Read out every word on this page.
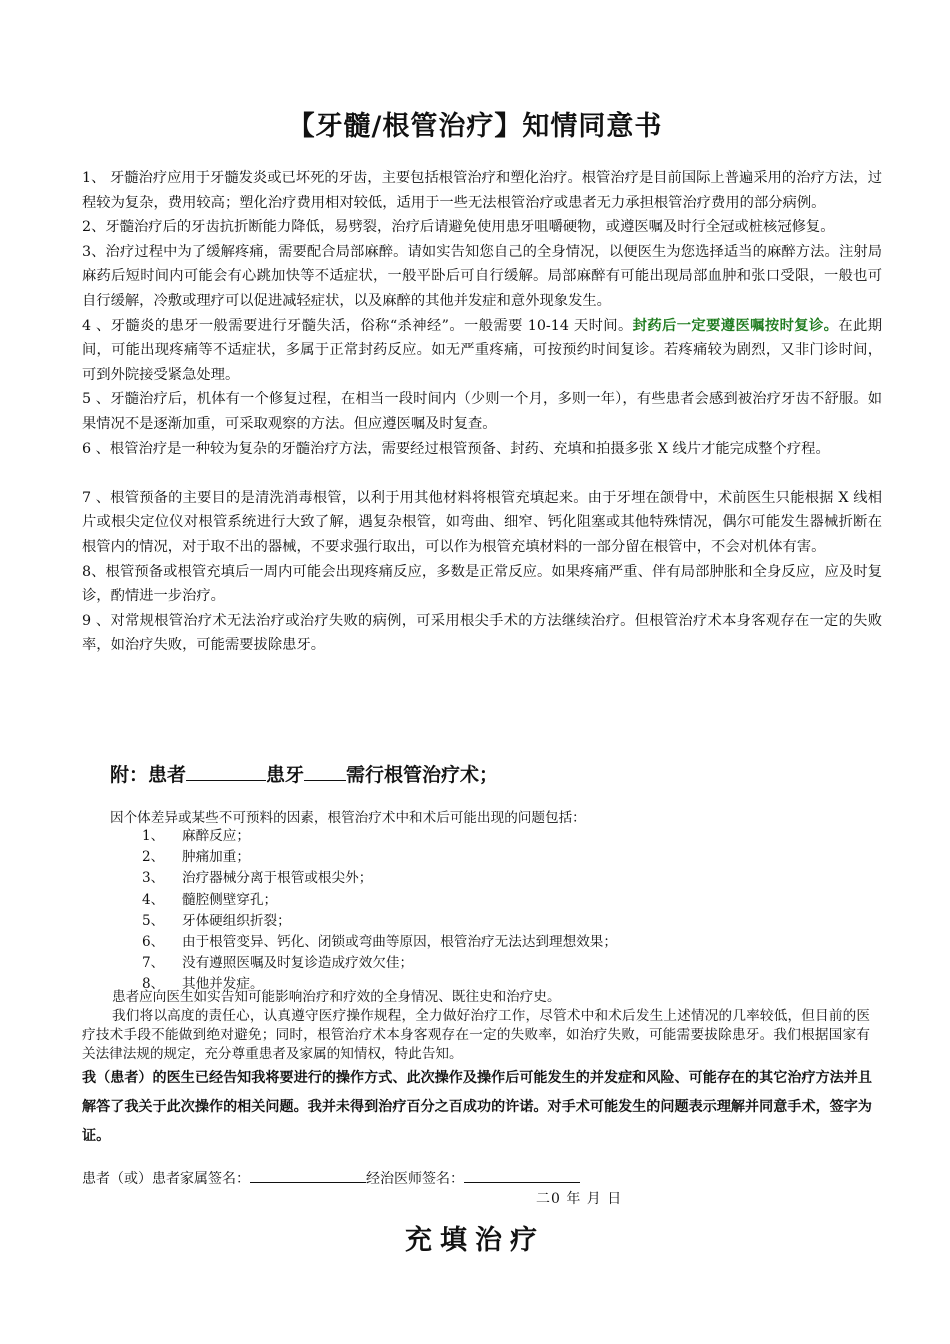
【牙髓/根管治疗】知情同意书

1、 牙髓治疗应用于牙髓发炎或已坏死的牙齿，主要包括根管治疗和塑化治疗。根管治疗是目前国际上普遍采用的治疗方法，过程较为复杂，费用较高；塑化治疗费用相对较低，适用于一些无法根管治疗或患者无力承担根管治疗费用的部分病例。

2、牙髓治疗后的牙齿抗折断能力降低，易劈裂，治疗后请避免使用患牙咀嚼硬物，或遵医嘱及时行全冠或桩核冠修复。

3、治疗过程中为了缓解疼痛，需要配合局部麻醉。请如实告知您自己的全身情况，以便医生为您选择适当的麻醉方法。注射局麻药后短时间内可能会有心跳加快等不适症状，一般平卧后可自行缓解。局部麻醉有可能出现局部血肿和张口受限，一般也可自行缓解，冷敷或理疗可以促进减轻症状，以及麻醉的其他并发症和意外现象发生。

4 、牙髓炎的患牙一般需要进行牙髓失活，俗称“杀神经”。一般需要 10-14 天时间。封药后一定要遵医嘱按时复诊。在此期间，可能出现疼痛等不适症状，多属于正常封药反应。如无严重疼痛，可按预约时间复诊。若疼痛较为剧烈，又非门诊时间，可到外院接受紧急处理。

5 、牙髓治疗后，机体有一个修复过程，在相当一段时间内（少则一个月，多则一年），有些患者会感到被治疗牙齿不舒服。如果情况不是逐渐加重，可采取观察的方法。但应遵医嘱及时复查。

6 、根管治疗是一种较为复杂的牙髓治疗方法，需要经过根管预备、封药、充填和拍摄多张 X 线片才能完成整个疗程。

7 、根管预备的主要目的是清洗消毒根管，以利于用其他材料将根管充填起来。由于牙埋在颌骨中，术前医生只能根据 X 线相片或根尖定位仪对根管系统进行大致了解，遇复杂根管，如弯曲、细窄、钙化阻塞或其他特殊情况，偶尔可能发生器械折断在根管内的情况，对于取不出的器械，不要求强行取出，可以作为根管充填材料的一部分留在根管中，不会对机体有害。

8、根管预备或根管充填后一周内可能会出现疼痛反应，多数是正常反应。如果疼痛严重、伴有局部肿胀和全身反应，应及时复诊，酌情进一步治疗。

9 、对常规根管治疗术无法治疗或治疗失败的病例，可采用根尖手术的方法继续治疗。但根管治疗术本身客观存在一定的失败率，如治疗失败，可能需要拔除患牙。

附：患者	患牙 需行根管治疗术；
因个体差异或某些不可预料的因素，根管治疗术中和术后可能出现的问题包括：
1、 麻醉反应；
2、 肿痛加重；
3、 治疗器械分离于根管或根尖外；
4、 髓腔侧壁穿孔；
5、 牙体硬组织折裂；
6、 由于根管变异、钙化、闭锁或弯曲等原因，根管治疗无法达到理想效果；
7、 没有遵照医嘱及时复诊造成疗效欠佳；
8、 其他并发症。

患者应向医生如实告知可能影响治疗和疗效的全身情况、既往史和治疗史。

我们将以高度的责任心，认真遵守医疗操作规程，全力做好治疗工作，尽管术中和术后发生上述情况的几率较低，但目前的医疗技术手段不能做到绝对避免；同时，根管治疗术本身客观存在一定的失败率，如治疗失败，可能需要拔除患牙。我们根据国家有关法律法规的规定，充分尊重患者及家属的知情权，特此告知。

我（患者）的医生已经告知我将要进行的操作方式、此次操作及操作后可能发生的并发症和风险、可能存在的其它治疗方法并且解答了我关于此次操作的相关问题。我并未得到治疗百分之百成功的许诺。对手术可能发生的问题表示理解并同意手术，签字为证。
患者（或）患者家属签名：	经治医师签名：
二0 年 月 日
充填治疗
